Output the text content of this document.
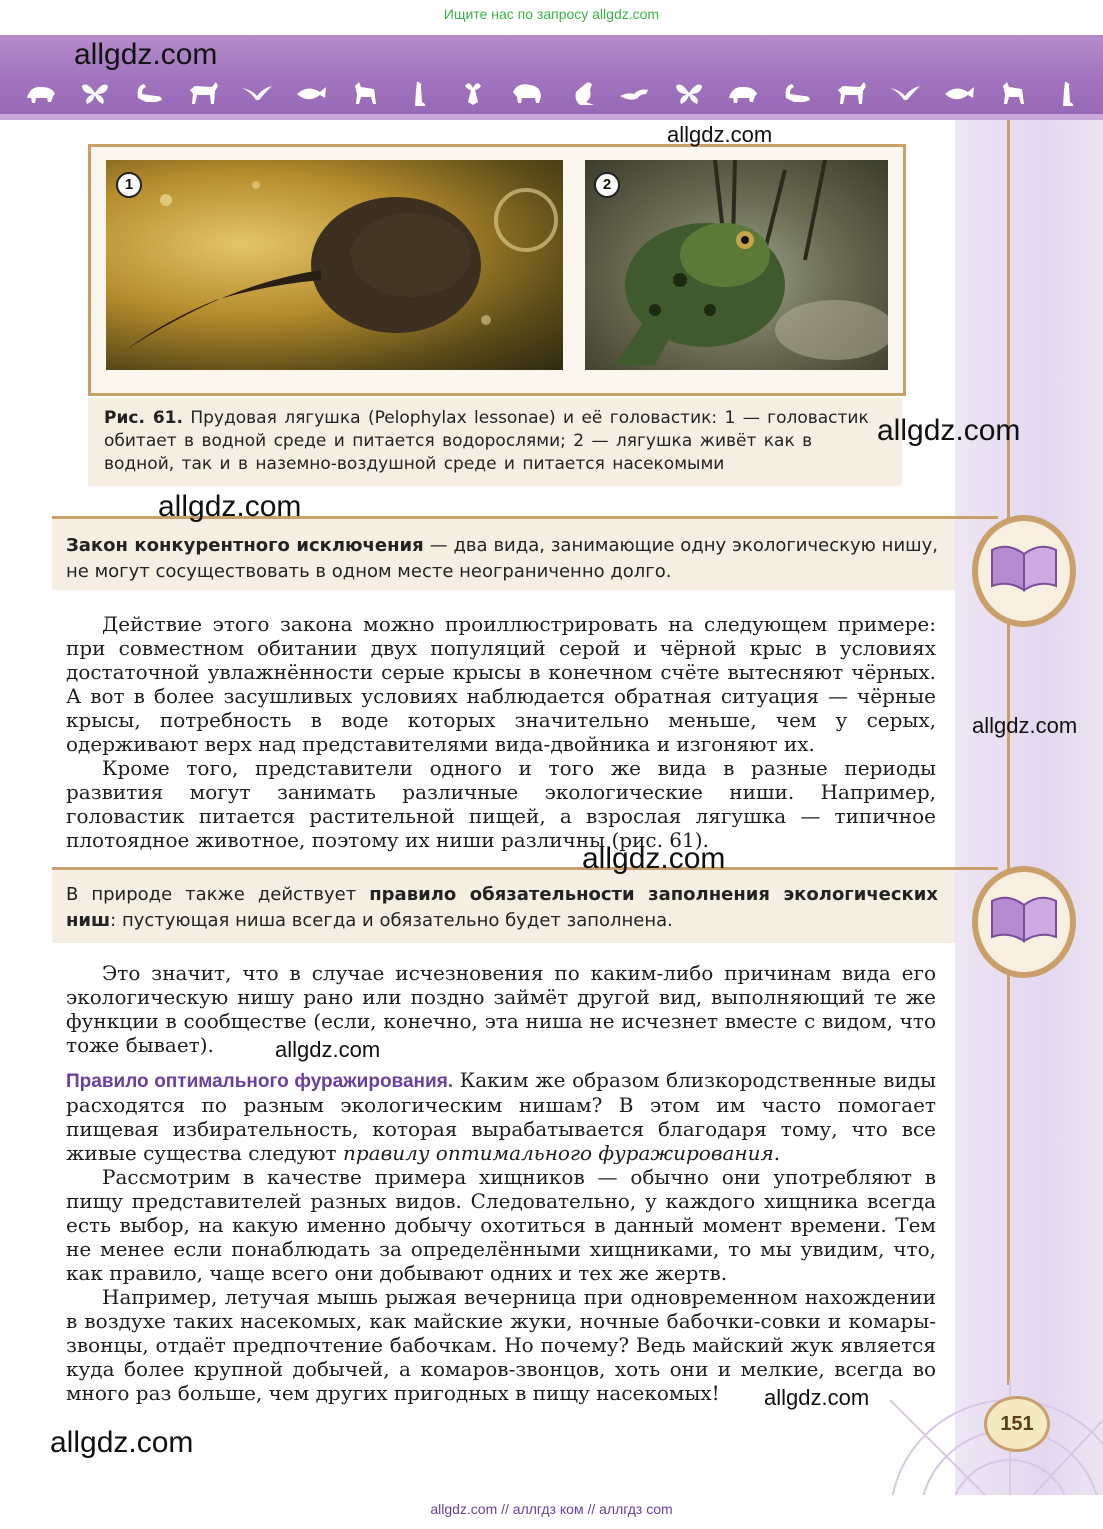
Ищите нас по запросу allgdz.com
allgdz.com
allgdz.com
1	2
Рис. 61. Прудовая лягушка (Pelophylax lessonae) и её головастик: 1 — головастик обитает в водной среде и питается водорослями; 2 — лягушка живёт как в водной, так и в наземно-воздушной среде и питается насекомыми
allgdz.com
allgdz.com
Закон конкурентного исключения — два вида, занимающие одну экологическую нишу, не могут сосуществовать в одном месте неограниченно долго.

Действие этого закона можно проиллюстрировать на следующем примере: при совместном обитании двух популяций серой и чёрной крыс в условиях достаточной увлажнённости серые крысы в конечном счёте вытесняют чёрных. А вот в более засушливых условиях наблюдается обратная ситуация — чёрные крысы, потребность в воде которых значительно меньше, чем у серых, одерживают верх над представителями вида-двойника и изгоняют их.

Кроме того, представители одного и того же вида в разные периоды развития могут занимать различные экологические ниши. Например, головастик питается растительной пищей, а взрослая лягушка — типичное плотоядное животное, поэтому их ниши различны (рис. 61).

allgdz.com
allgdz.com
В природе также действует правило обязательности заполнения экологических ниш: пустующая ниша всегда и обязательно будет заполнена.

Это значит, что в случае исчезновения по каким-либо причинам вида его экологическую нишу рано или поздно займёт другой вид, выполняющий те же функции в сообществе (если, конечно, эта ниша не исчезнет вместе с видом, что тоже бывает).	allgdz.com

Правило оптимального фуражирования. Каким же образом близкородственные виды расходятся по разным экологическим нишам? В этом им часто помогает пищевая избирательность, которая вырабатывается благодаря тому, что все живые существа следуют правилу оптимального фуражирования.

Рассмотрим в качестве примера хищников — обычно они употребляют в пищу представителей разных видов. Следовательно, у каждого хищника всегда есть выбор, на какую именно добычу охотиться в данный момент времени. Тем не менее если понаблюдать за определёнными хищниками, то мы увидим, что, как правило, чаще всего они добывают одних и тех же жертв.

Например, летучая мышь рыжая вечерница при одновременном нахождении в воздухе таких насекомых, как майские жуки, ночные бабочки-совки и комары-звонцы, отдаёт предпочтение бабочкам. Но почему? Ведь майский жук является куда более крупной добычей, а комаров-звонцов, хоть они и мелкие, всегда во много раз больше, чем других пригодных в пищу насекомых!	allgdz.com
151
allgdz.com
allgdz.com // аллгдз ком // аллгдз com
